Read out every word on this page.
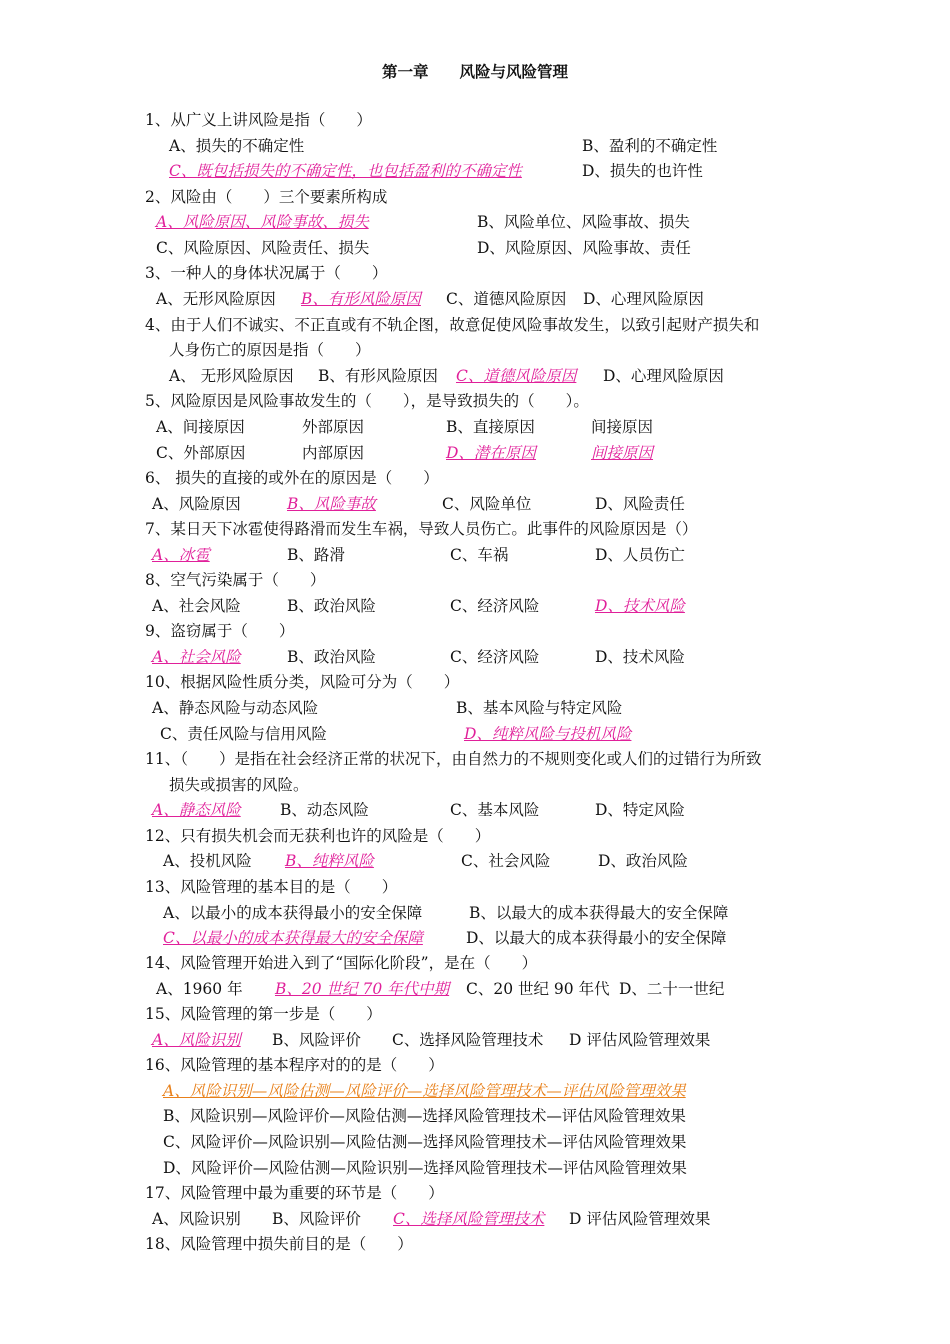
第一章　　风险与风险管理
1、从广义上讲风险是指（　　）
A、损失的不确定性	B、盈利的不确定性
C、既包括损失的不确定性，也包括盈利的不确定性	D、损失的也许性
2、风险由（　　）三个要素所构成
A、风险原因、风险事故、损失	B、风险单位、风险事故、损失
C、风险原因、风险责任、损失	D、风险原因、风险事故、责任
3、一种人的身体状况属于（　　）
A、无形风险原因 B、有形风险原因 C、道德风险原因 D、心理风险原因
4、由于人们不诚实、不正直或有不轨企图，故意促使风险事故发生，以致引起财产损失和
人身伤亡的原因是指（　　）
A、 无形风险原因 B、有形风险原因 C、道德风险原因 D、心理风险原因
5、风险原因是风险事故发生的（　　），是导致损失的（　　）。
A、间接原因	外部原因	B、直接原因	间接原因
C、外部原因	内部原因	D、潜在原因	间接原因
6、 损失的直接的或外在的原因是（　　）
A、风险原因	B、风险事故	C、风险单位	D、风险责任
7、某日天下冰雹使得路滑而发生车祸，导致人员伤亡。此事件的风险原因是（）
A、冰雹	B、路滑	C、车祸	D、人员伤亡
8、空气污染属于（　　）
A、社会风险	B、政治风险	C、经济风险	D、技术风险
9、盗窃属于（　　）
A、社会风险	B、政治风险	C、经济风险	D、技术风险
10、根据风险性质分类，风险可分为（　　）
A、静态风险与动态风险	B、基本风险与特定风险
C、责任风险与信用风险	D、纯粹风险与投机风险
11、（　　）是指在社会经济正常的状况下，由自然力的不规则变化或人们的过错行为所致
损失或损害的风险。
A、静态风险	B、动态风险	C、基本风险	D、特定风险
12、只有损失机会而无获利也许的风险是（　　）
A、投机风险 B、纯粹风险	C、社会风险	D、政治风险
13、风险管理的基本目的是（　　）
A、以最小的成本获得最小的安全保障	B、以最大的成本获得最大的安全保障
C、以最小的成本获得最大的安全保障	D、以最大的成本获得最小的安全保障
14、风险管理开始进入到了“国际化阶段”，是在（　　）
A、1960 年 B、20 世纪 70 年代中期 C、20 世纪 90 年代 D、二十一世纪
15、风险管理的第一步是（　　）
A、风险识别 B、风险评价 C、选择风险管理技术 D 评估风险管理效果
16、风险管理的基本程序对的的是（　　）
A、风险识别—风险估测—风险评价—选择风险管理技术—评估风险管理效果
B、风险识别—风险评价—风险估测—选择风险管理技术—评估风险管理效果
C、风险评价—风险识别—风险估测—选择风险管理技术—评估风险管理效果
D、风险评价—风险估测—风险识别—选择风险管理技术—评估风险管理效果
17、风险管理中最为重要的环节是（　　）
A、风险识别 B、风险评价 C、选择风险管理技术 D 评估风险管理效果
18、风险管理中损失前目的是（　　）
